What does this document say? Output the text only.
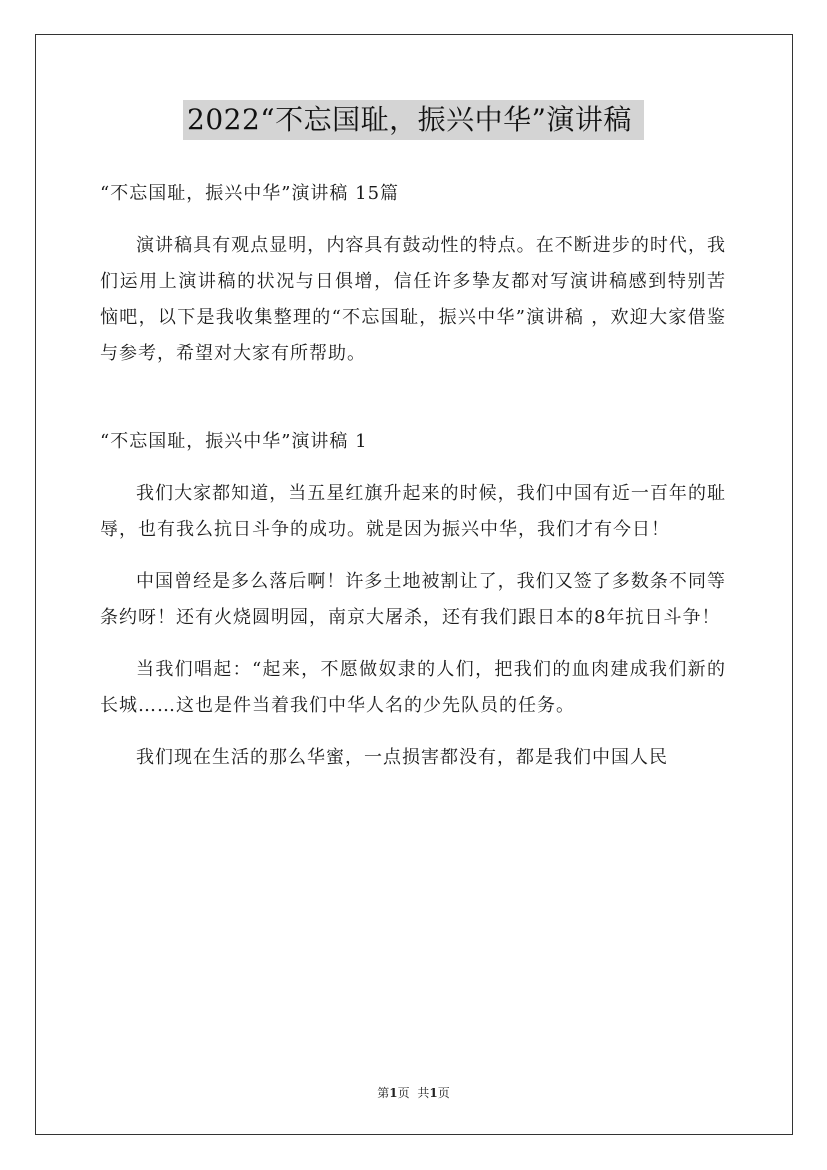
2022“不忘国耻，振兴中华”演讲稿
“不忘国耻，振兴中华”演讲稿 15篇

演讲稿具有观点显明，内容具有鼓动性的特点。在不断进步的时代，我们运用上演讲稿的状况与日俱增，信任许多挚友都对写演讲稿感到特别苦恼吧，以下是我收集整理的“不忘国耻，振兴中华”演讲稿 ，欢迎大家借鉴与参考，希望对大家有所帮助。

“不忘国耻，振兴中华”演讲稿 1

我们大家都知道，当五星红旗升起来的时候，我们中国有近一百年的耻辱，也有我么抗日斗争的成功。就是因为振兴中华，我们才有今日！

中国曾经是多么落后啊！许多土地被割让了，我们又签了多数条不同等条约呀！还有火烧圆明园，南京大屠杀，还有我们跟日本的8年抗日斗争！

当我们唱起：“起来，不愿做奴隶的人们，把我们的血肉建成我们新的长城……这也是件当着我们中华人名的少先队员的任务。

我们现在生活的那么华蜜，一点损害都没有，都是我们中国人民

第1页 共1页
